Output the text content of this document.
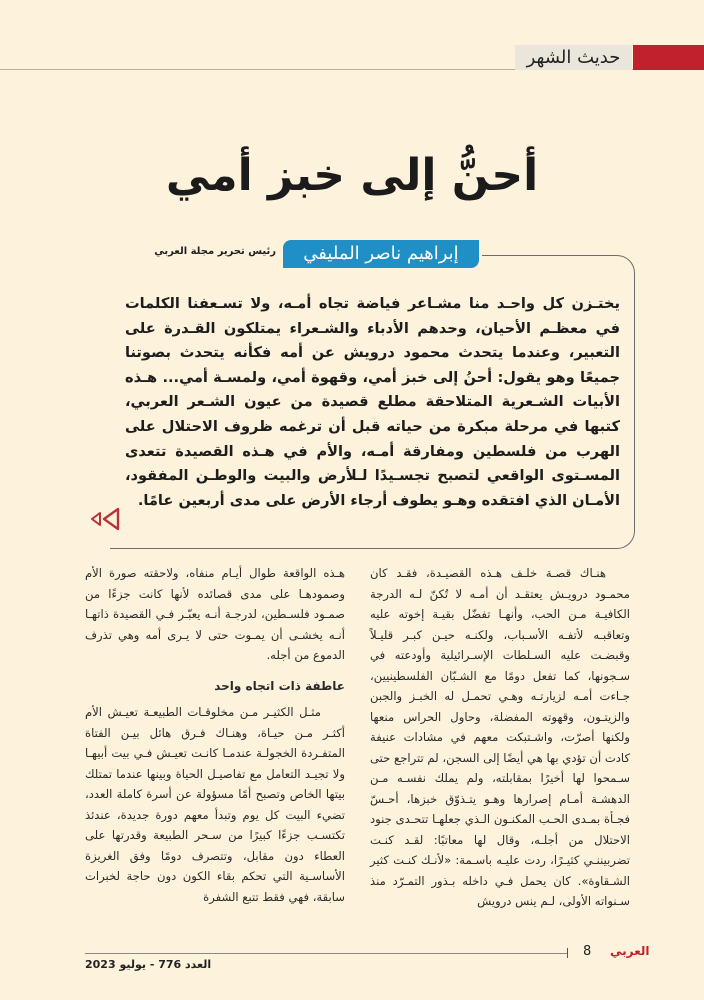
حديث الشهر
أحنُّ إلى خبز أمي
إبراهيم ناصر المليفي
رئيس تحرير مجلة العربي
يختـزن كل واحـد منا مشـاعر فياضة تجاه أمـه، ولا تسـعفنا الكلمات في معظـم الأحيان، وحدهم الأدباء والشـعراء يمتلكون القـدرة على التعبير، وعندما يتحدث محمود درويش عن أمه فكأنه يتحدث بصوتنا جميعًا وهو يقول: أحنُ إلى خبز أمي، وقهوة أمي، ولمسـة أمي... هـذه الأبيات الشـعرية المتلاحقة مطلع قصيدة من عيون الشـعر العربي، كتبها في مرحلة مبكرة من حياته قبل أن ترغمه ظروف الاحتلال على الهرب من فلسطين ومفارقة أمـه، والأم في هـذه القصيدة تتعدى المسـتوى الواقعي لتصبح تجسـيدًا لـلأرض والبيت والوطـن المفقود، الأمـان الذي افتقده وهـو يطوف أرجاء الأرض على مدى أربعين عامًا.

هنـاك قصـة خلـف هـذه القصيـدة، فقـد كان محمـود درويـش يعتقـد أن أمـه لا تُكنّ لـه الدرجة الكافيـة مـن الحب، وأنهـا تفضّل بقيـة إخوته عليه وتعاقبـه لأتفـه الأسـباب، ولكنـه حيـن كبـر قليـلاً وقبضـت عليه السـلطات الإسـرائيلية وأودعته في سـجونها، كما تفعل دومًا مع الشـبّان الفلسطينيين، جـاءت أمـه لزيارتـه وهـي تحمـل له الخبـز والجبن والزيتـون، وقهوته المفضلة، وحاول الحراس منعها ولكنها أصرّت، واشـتبكت معهم في مشادات عنيفة كادت أن تؤدي بها هي أيضًا إلى السجن، لم تتراجع حتى سـمحوا لها أخيرًا بمقابلته، ولم يملك نفسـه مـن الدهشـة أمـام إصرارها وهـو يتـذوّق خبزها، أحـسّ فجـأة بمـدى الحـب المكنـون الـذي جعلهـا تتحـدى جنود الاحتلال من أجلـه، وقال لها معاتبًا: لقـد كنـت تضربيننـي كثيـرًا، ردت عليـه باسـمة: «لأنـك كنـت كثير الشـقاوة». كان يحمل فـي داخله بـذور التمـرّد منذ سـنواته الأولى، لـم ينس درويش

هـذه الواقعة طوال أيـام منفاه، ولاحقته صورة الأم وصمودهـا على مدى قصائده لأنها كانت جزءًا من صمـود فلسـطين، لدرجـة أنـه يعبّـر فـي القصيدة ذاتهـا أنـه يخشـى أن يمـوت حتى لا يـرى أمه وهي تذرف الدموع من أجله.

عاطفة ذات اتجاه واحد

مثـل الكثيـر مـن مخلوقـات الطبيعـة تعيـش الأم أكثـر مـن حيـاة، وهنـاك فـرق هائل بيـن الفتاة المتفـردة الخجولـة عندمـا كانـت تعيـش فـي بيت أبيهـا ولا تجيـد التعامل مع تفاصيـل الحياة وبينها عندما تمتلك بيتها الخاص وتصبح أمًا مسؤولة عن أسرة كاملة العدد، تضيء البيت كل يوم وتبدأ معهم دورة جديدة، عندئذ تكتسـب جزءًا كبيرًا من سـحر الطبيعة وقدرتها على العطاء دون مقابل، وتتصرف دومًا وفق الغريزة الأساسـية التي تحكم بقاء الكون دون حاجة لخبرات سابقة، فهي فقط تتبع الشفرة

8 العربي
العدد 776 - يوليو 2023
